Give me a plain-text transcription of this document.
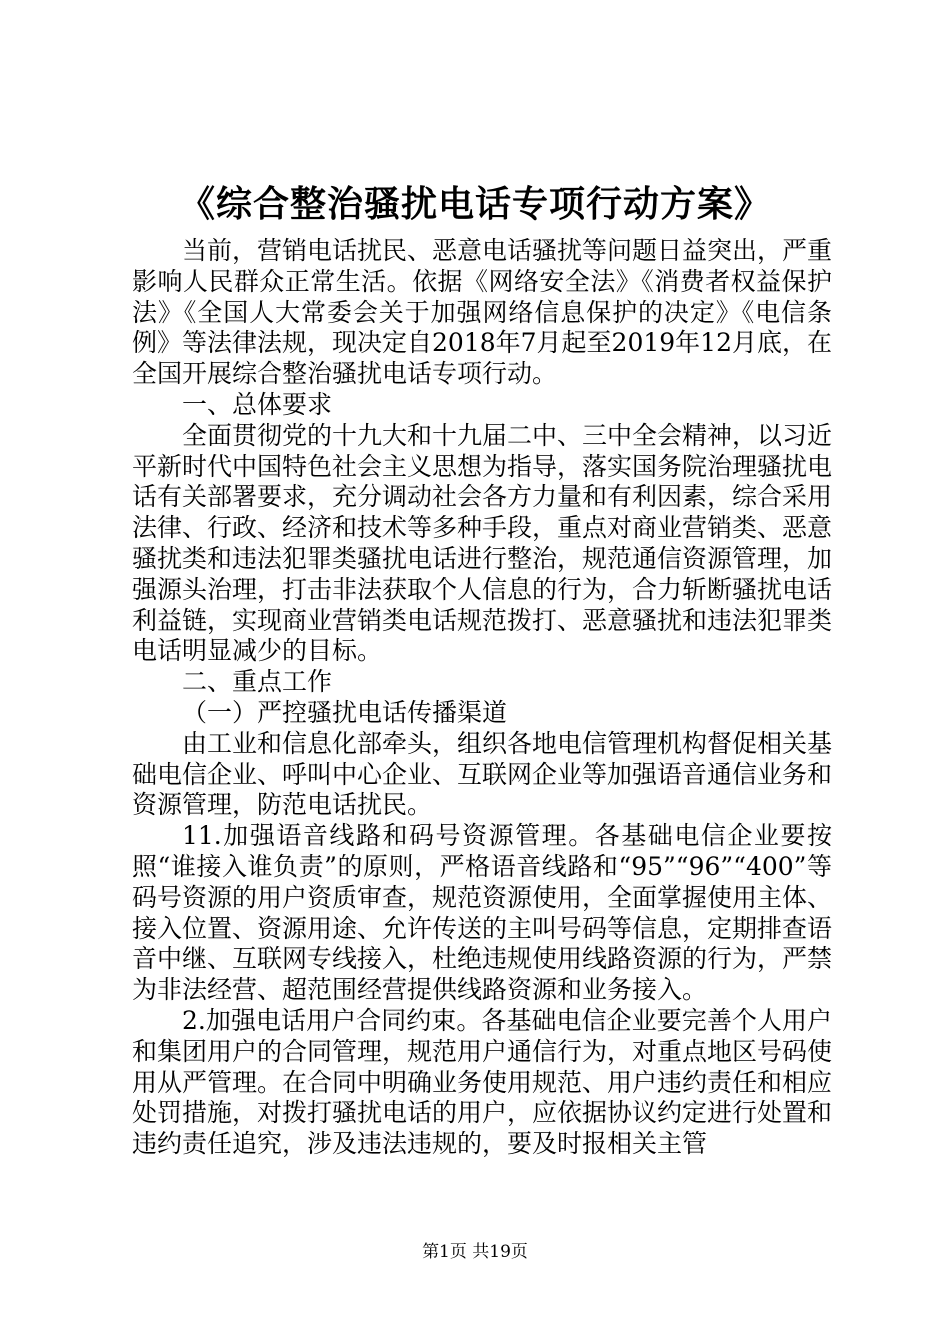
《综合整治骚扰电话专项行动方案》

当前，营销电话扰民、恶意电话骚扰等问题日益突出，严重影响人民群众正常生活。依据《网络安全法》《消费者权益保护法》《全国人大常委会关于加强网络信息保护的决定》《电信条例》等法律法规，现决定自2018年7月起至2019年12月底，在全国开展综合整治骚扰电话专项行动。

一、总体要求

全面贯彻党的十九大和十九届二中、三中全会精神，以习近平新时代中国特色社会主义思想为指导，落实国务院治理骚扰电话有关部署要求，充分调动社会各方力量和有利因素，综合采用法律、行政、经济和技术等多种手段，重点对商业营销类、恶意骚扰类和违法犯罪类骚扰电话进行整治，规范通信资源管理，加强源头治理，打击非法获取个人信息的行为，合力斩断骚扰电话利益链，实现商业营销类电话规范拨打、恶意骚扰和违法犯罪类电话明显减少的目标。

二、重点工作

（一）严控骚扰电话传播渠道

由工业和信息化部牵头，组织各地电信管理机构督促相关基础电信企业、呼叫中心企业、互联网企业等加强语音通信业务和资源管理，防范电话扰民。

11.加强语音线路和码号资源管理。各基础电信企业要按照“谁接入谁负责”的原则，严格语音线路和“95”“96”“400”等码号资源的用户资质审查，规范资源使用，全面掌握使用主体、接入位置、资源用途、允许传送的主叫号码等信息，定期排查语音中继、互联网专线接入，杜绝违规使用线路资源的行为，严禁为非法经营、超范围经营提供线路资源和业务接入。

2.加强电话用户合同约束。各基础电信企业要完善个人用户和集团用户的合同管理，规范用户通信行为，对重点地区号码使用从严管理。在合同中明确业务使用规范、用户违约责任和相应处罚措施，对拨打骚扰电话的用户，应依据协议约定进行处置和违约责任追究，涉及违法违规的，要及时报相关主管

第1页 共19页
